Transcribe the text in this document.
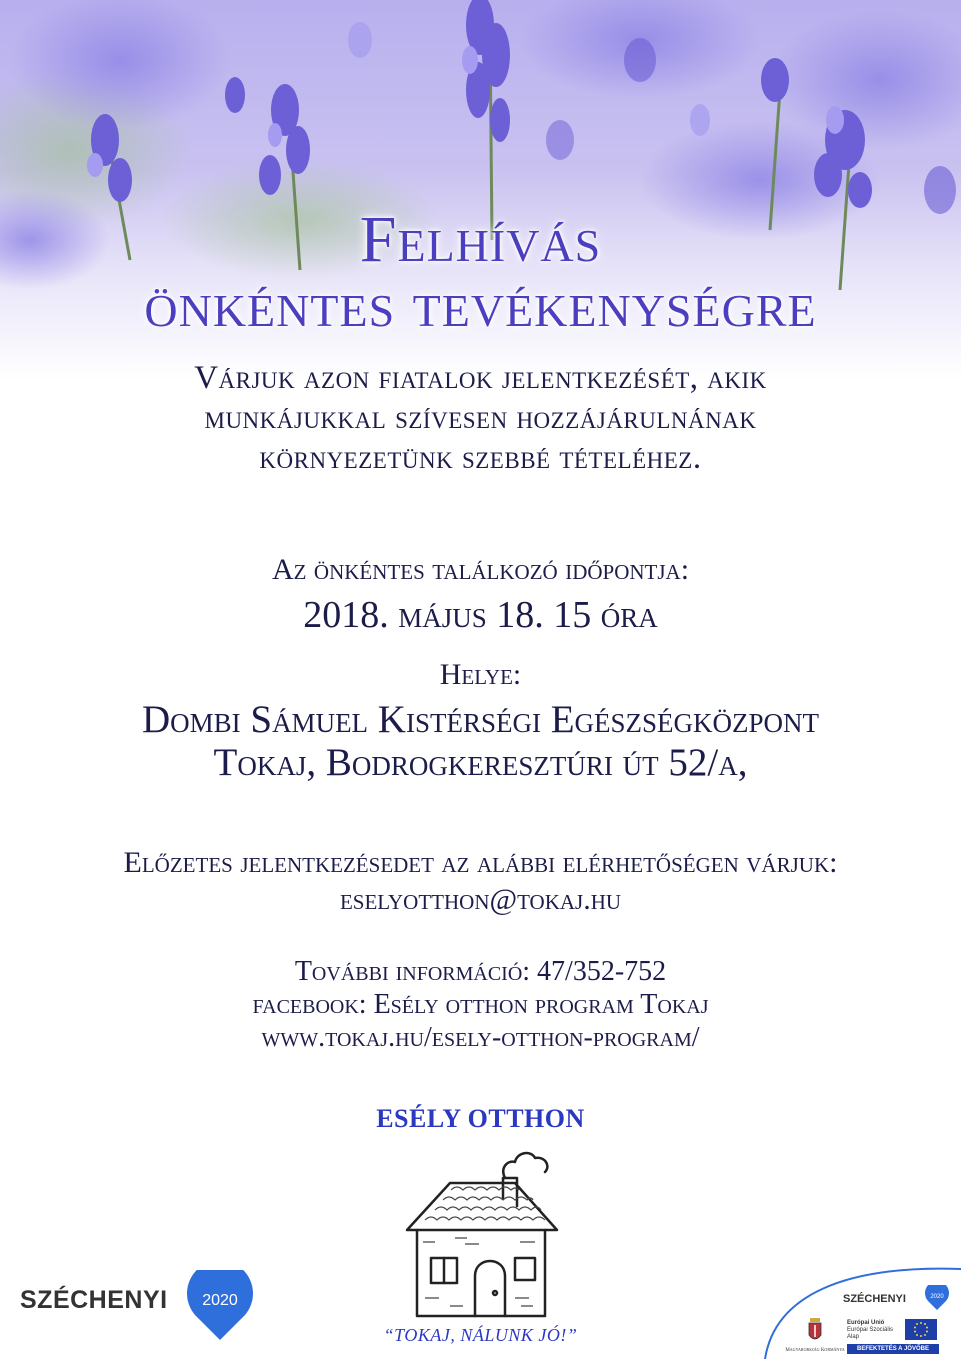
Felhívás
önkéntes tevékenységre
Várjuk azon fiatalok jelentkezését, akik
munkájukkal szívesen hozzájárulnának
környezetünk szebbé tételéhez.
Az önkéntes találkozó időpontja:
2018. május 18. 15 óra
Helye:
Dombi Sámuel Kistérségi Egészségközpont
Tokaj, Bodrogkeresztúri út 52/a,
Előzetes jelentkezésedet az alábbi elérhetőségen várjuk:
eselyotthon@tokaj.hu
További információ: 47/352-752
facebook: Esély otthon program Tokaj
www.tokaj.hu/esely-otthon-program/
ESÉLY OTTHON
“TOKAJ, NÁLUNK JÓ!”
SZÉCHENYI	2020	SZÉCHENYI	2020
Magyarország Kormánya
Európai Unió
Európai Szociális
Alap
BEFEKTETÉS A JÖVŐBE
